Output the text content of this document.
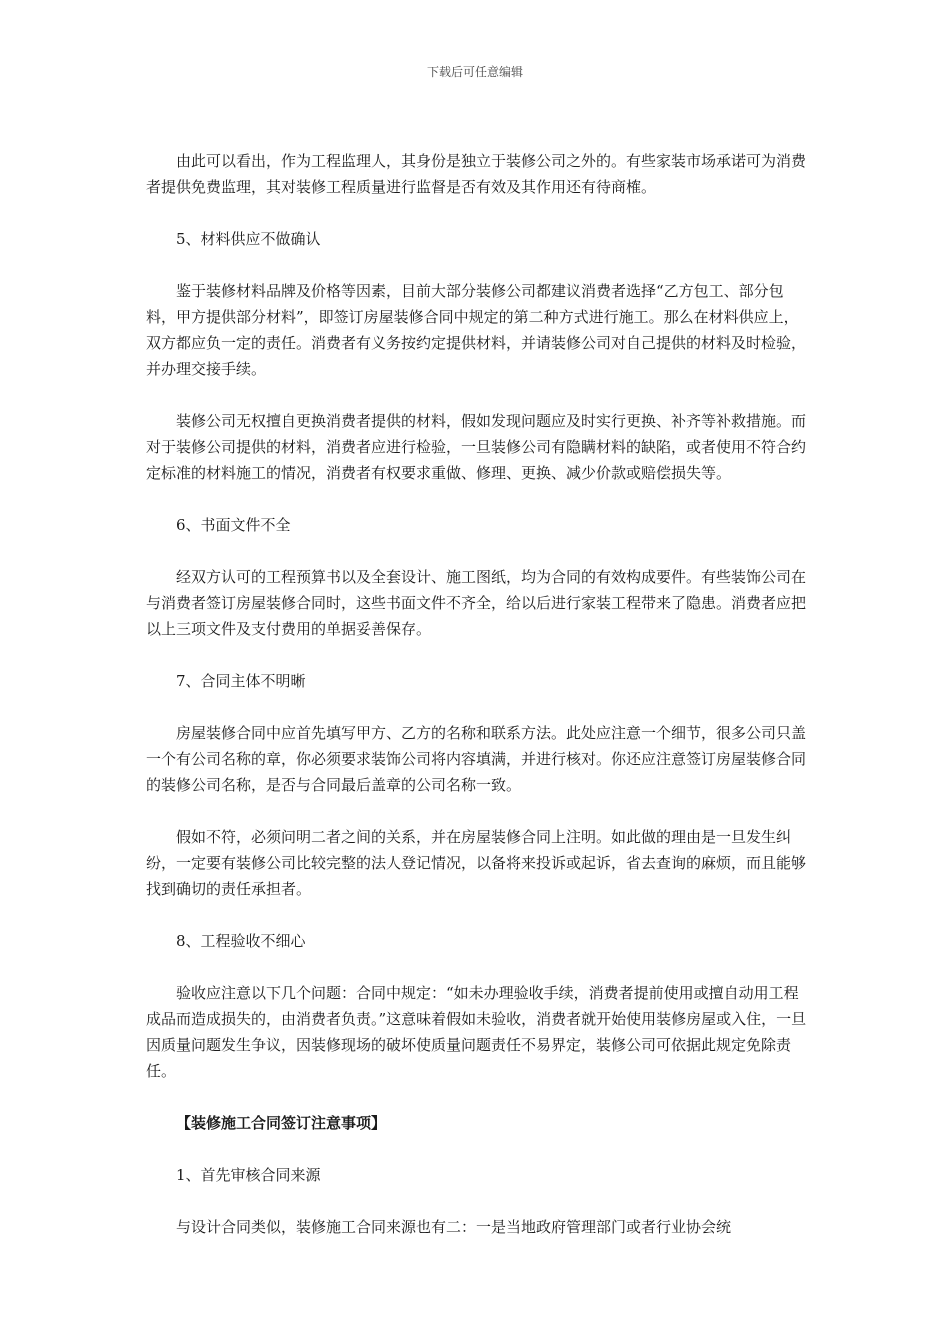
下载后可任意编辑

由此可以看出，作为工程监理人，其身份是独立于装修公司之外的。有些家装市场承诺可为消费者提供免费监理，其对装修工程质量进行监督是否有效及其作用还有待商榷。

5、材料供应不做确认

鉴于装修材料品牌及价格等因素，目前大部分装修公司都建议消费者选择“乙方包工、部分包料，甲方提供部分材料”，即签订房屋装修合同中规定的第二种方式进行施工。那么在材料供应上，双方都应负一定的责任。消费者有义务按约定提供材料，并请装修公司对自己提供的材料及时检验，并办理交接手续。

装修公司无权擅自更换消费者提供的材料，假如发现问题应及时实行更换、补齐等补救措施。而对于装修公司提供的材料，消费者应进行检验，一旦装修公司有隐瞒材料的缺陷，或者使用不符合约定标准的材料施工的情况，消费者有权要求重做、修理、更换、减少价款或赔偿损失等。

6、书面文件不全

经双方认可的工程预算书以及全套设计、施工图纸，均为合同的有效构成要件。有些装饰公司在与消费者签订房屋装修合同时，这些书面文件不齐全，给以后进行家装工程带来了隐患。消费者应把以上三项文件及支付费用的单据妥善保存。

7、合同主体不明晰

房屋装修合同中应首先填写甲方、乙方的名称和联系方法。此处应注意一个细节，很多公司只盖一个有公司名称的章，你必须要求装饰公司将内容填满，并进行核对。你还应注意签订房屋装修合同的装修公司名称，是否与合同最后盖章的公司名称一致。

假如不符，必须问明二者之间的关系，并在房屋装修合同上注明。如此做的理由是一旦发生纠纷，一定要有装修公司比较完整的法人登记情况，以备将来投诉或起诉，省去查询的麻烦，而且能够找到确切的责任承担者。

8、工程验收不细心

验收应注意以下几个问题：合同中规定：“如未办理验收手续，消费者提前使用或擅自动用工程成品而造成损失的，由消费者负责。”这意味着假如未验收，消费者就开始使用装修房屋或入住，一旦因质量问题发生争议，因装修现场的破坏使质量问题责任不易界定，装修公司可依据此规定免除责任。

【装修施工合同签订注意事项】

1、首先审核合同来源

与设计合同类似，装修施工合同来源也有二：一是当地政府管理部门或者行业协会统
